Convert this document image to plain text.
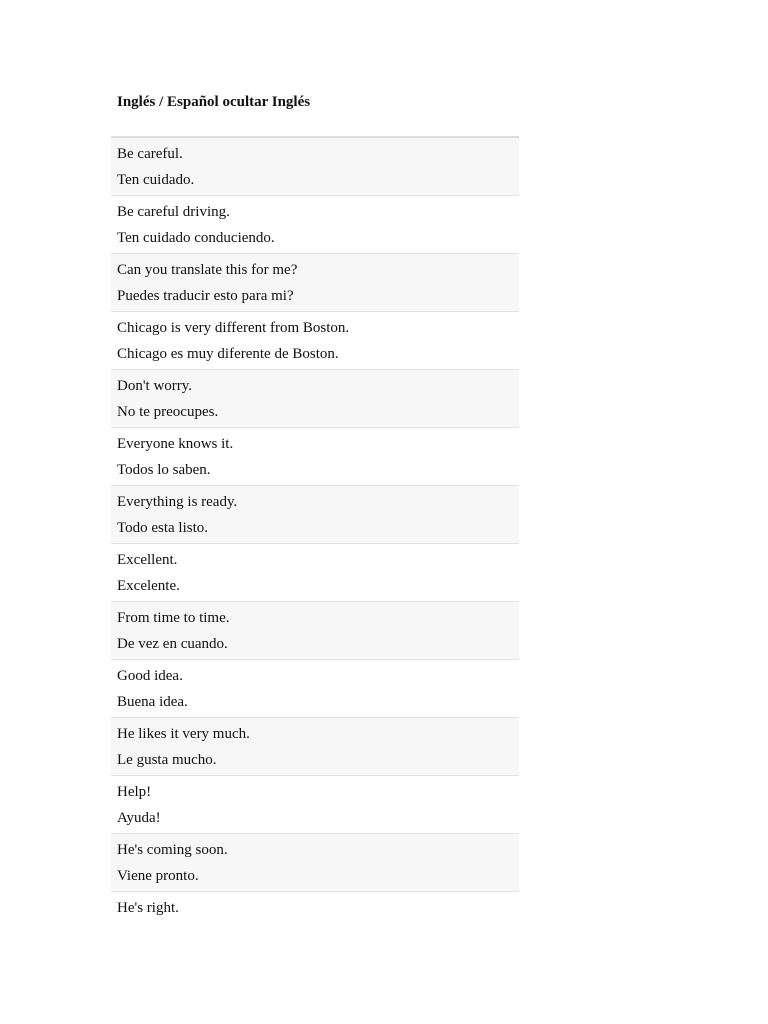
Inglés / Español ocultar Inglés
Be careful.
Ten cuidado.
Be careful driving.
Ten cuidado conduciendo.
Can you translate this for me?
Puedes traducir esto para mi?
Chicago is very different from Boston.
Chicago es muy diferente de Boston.
Don't worry.
No te preocupes.
Everyone knows it.
Todos lo saben.
Everything is ready.
Todo esta listo.
Excellent.
Excelente.
From time to time.
De vez en cuando.
Good idea.
Buena idea.
He likes it very much.
Le gusta mucho.
Help!
Ayuda!
He's coming soon.
Viene pronto.
He's right.
